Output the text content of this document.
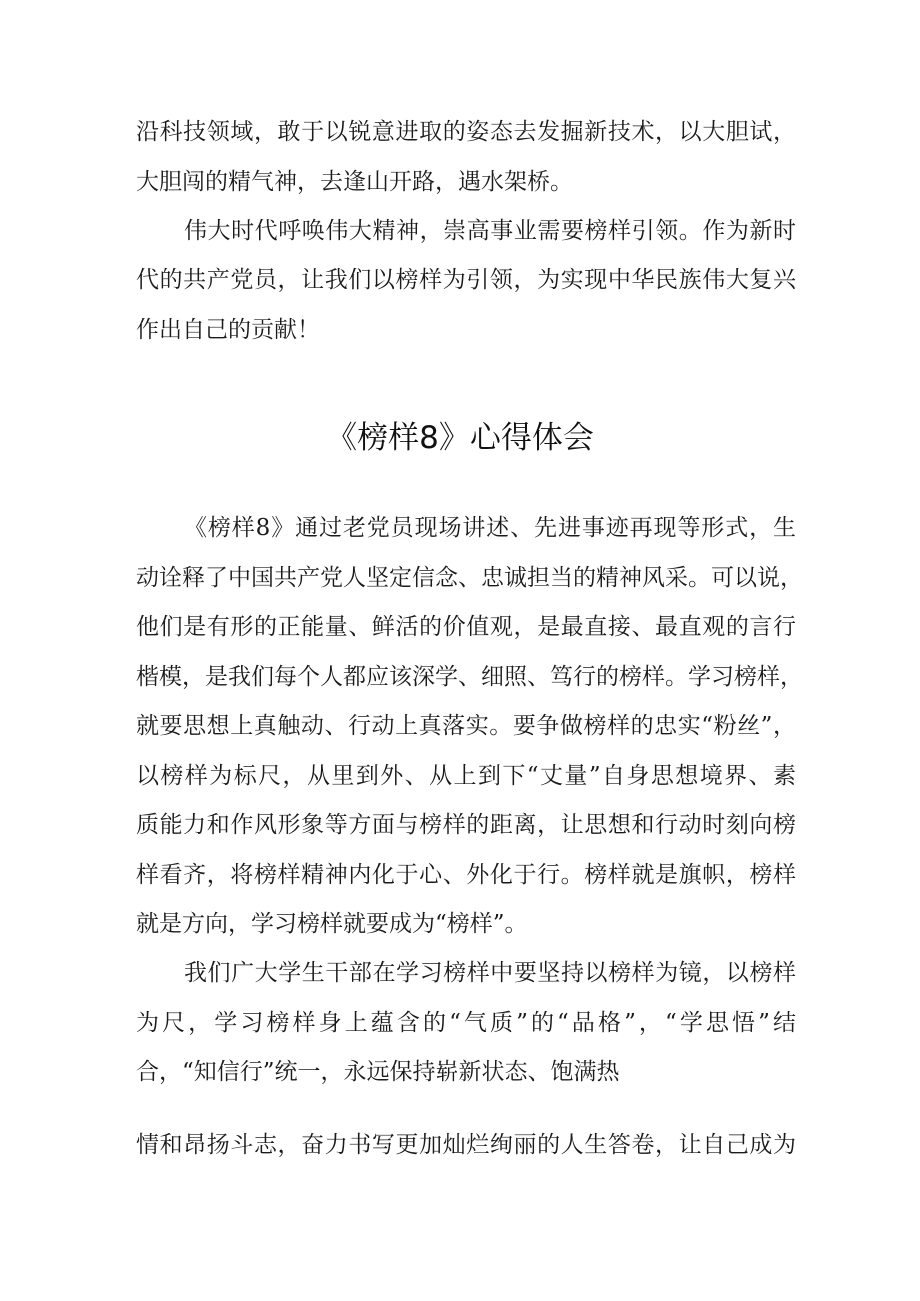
沿科技领域，敢于以锐意进取的姿态去发掘新技术，以大胆试，
大胆闯的精气神，去逢山开路，遇水架桥。
伟大时代呼唤伟大精神，崇高事业需要榜样引领。作为新时
代的共产党员，让我们以榜样为引领，为实现中华民族伟大复兴
作出自己的贡献！
《榜样8》心得体会
《榜样8》通过老党员现场讲述、先进事迹再现等形式，生
动诠释了中国共产党人坚定信念、忠诚担当的精神风采。可以说，
他们是有形的正能量、鲜活的价值观，是最直接、最直观的言行
楷模，是我们每个人都应该深学、细照、笃行的榜样。学习榜样，
就要思想上真触动、行动上真落实。要争做榜样的忠实“粉丝”，
以榜样为标尺，从里到外、从上到下“丈量”自身思想境界、素
质能力和作风形象等方面与榜样的距离，让思想和行动时刻向榜
样看齐，将榜样精神内化于心、外化于行。榜样就是旗帜，榜样
就是方向，学习榜样就要成为“榜样”。
我们广大学生干部在学习榜样中要坚持以榜样为镜，以榜样
为尺，学习榜样身上蕴含的“气质”的“品格”，“学思悟”结
合，“知信行”统一，永远保持崭新状态、饱满热
情和昂扬斗志，奋力书写更加灿烂绚丽的人生答卷，让自己成为
